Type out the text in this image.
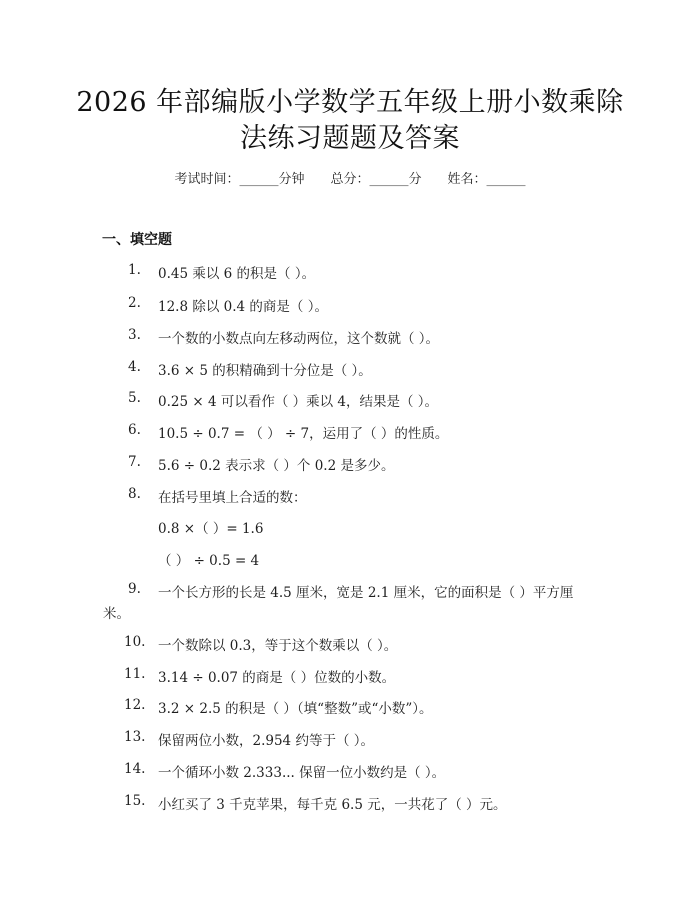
2026 年部编版小学数学五年级上册小数乘除
法练习题题及答案
考试时间：______分钟 总分：______分 姓名：______
一、填空题
1. 0.45 乘以 6 的积是（ ）。
2. 12.8 除以 0.4 的商是（ ）。
3. 一个数的小数点向左移动两位，这个数就（ ）。
4. 3.6 × 5 的积精确到十分位是（ ）。
5. 0.25 × 4 可以看作（ ）乘以 4，结果是（ ）。
6. 10.5 ÷ 0.7 = （ ） ÷ 7，运用了（ ）的性质。
7. 5.6 ÷ 0.2 表示求（ ）个 0.2 是多少。
8. 在括号里填上合适的数：
0.8 ×（ ）= 1.6
（ ） ÷ 0.5 = 4
9. 一个长方形的长是 4.5 厘米，宽是 2.1 厘米，它的面积是（ ）平方厘
米。
10. 一个数除以 0.3，等于这个数乘以（ ）。
11. 3.14 ÷ 0.07 的商是（ ）位数的小数。
12. 3.2 × 2.5 的积是（ ）（填“整数”或“小数”）。
13. 保留两位小数，2.954 约等于（ ）。
14. 一个循环小数 2.333... 保留一位小数约是（ ）。
15. 小红买了 3 千克苹果，每千克 6.5 元，一共花了（ ）元。
